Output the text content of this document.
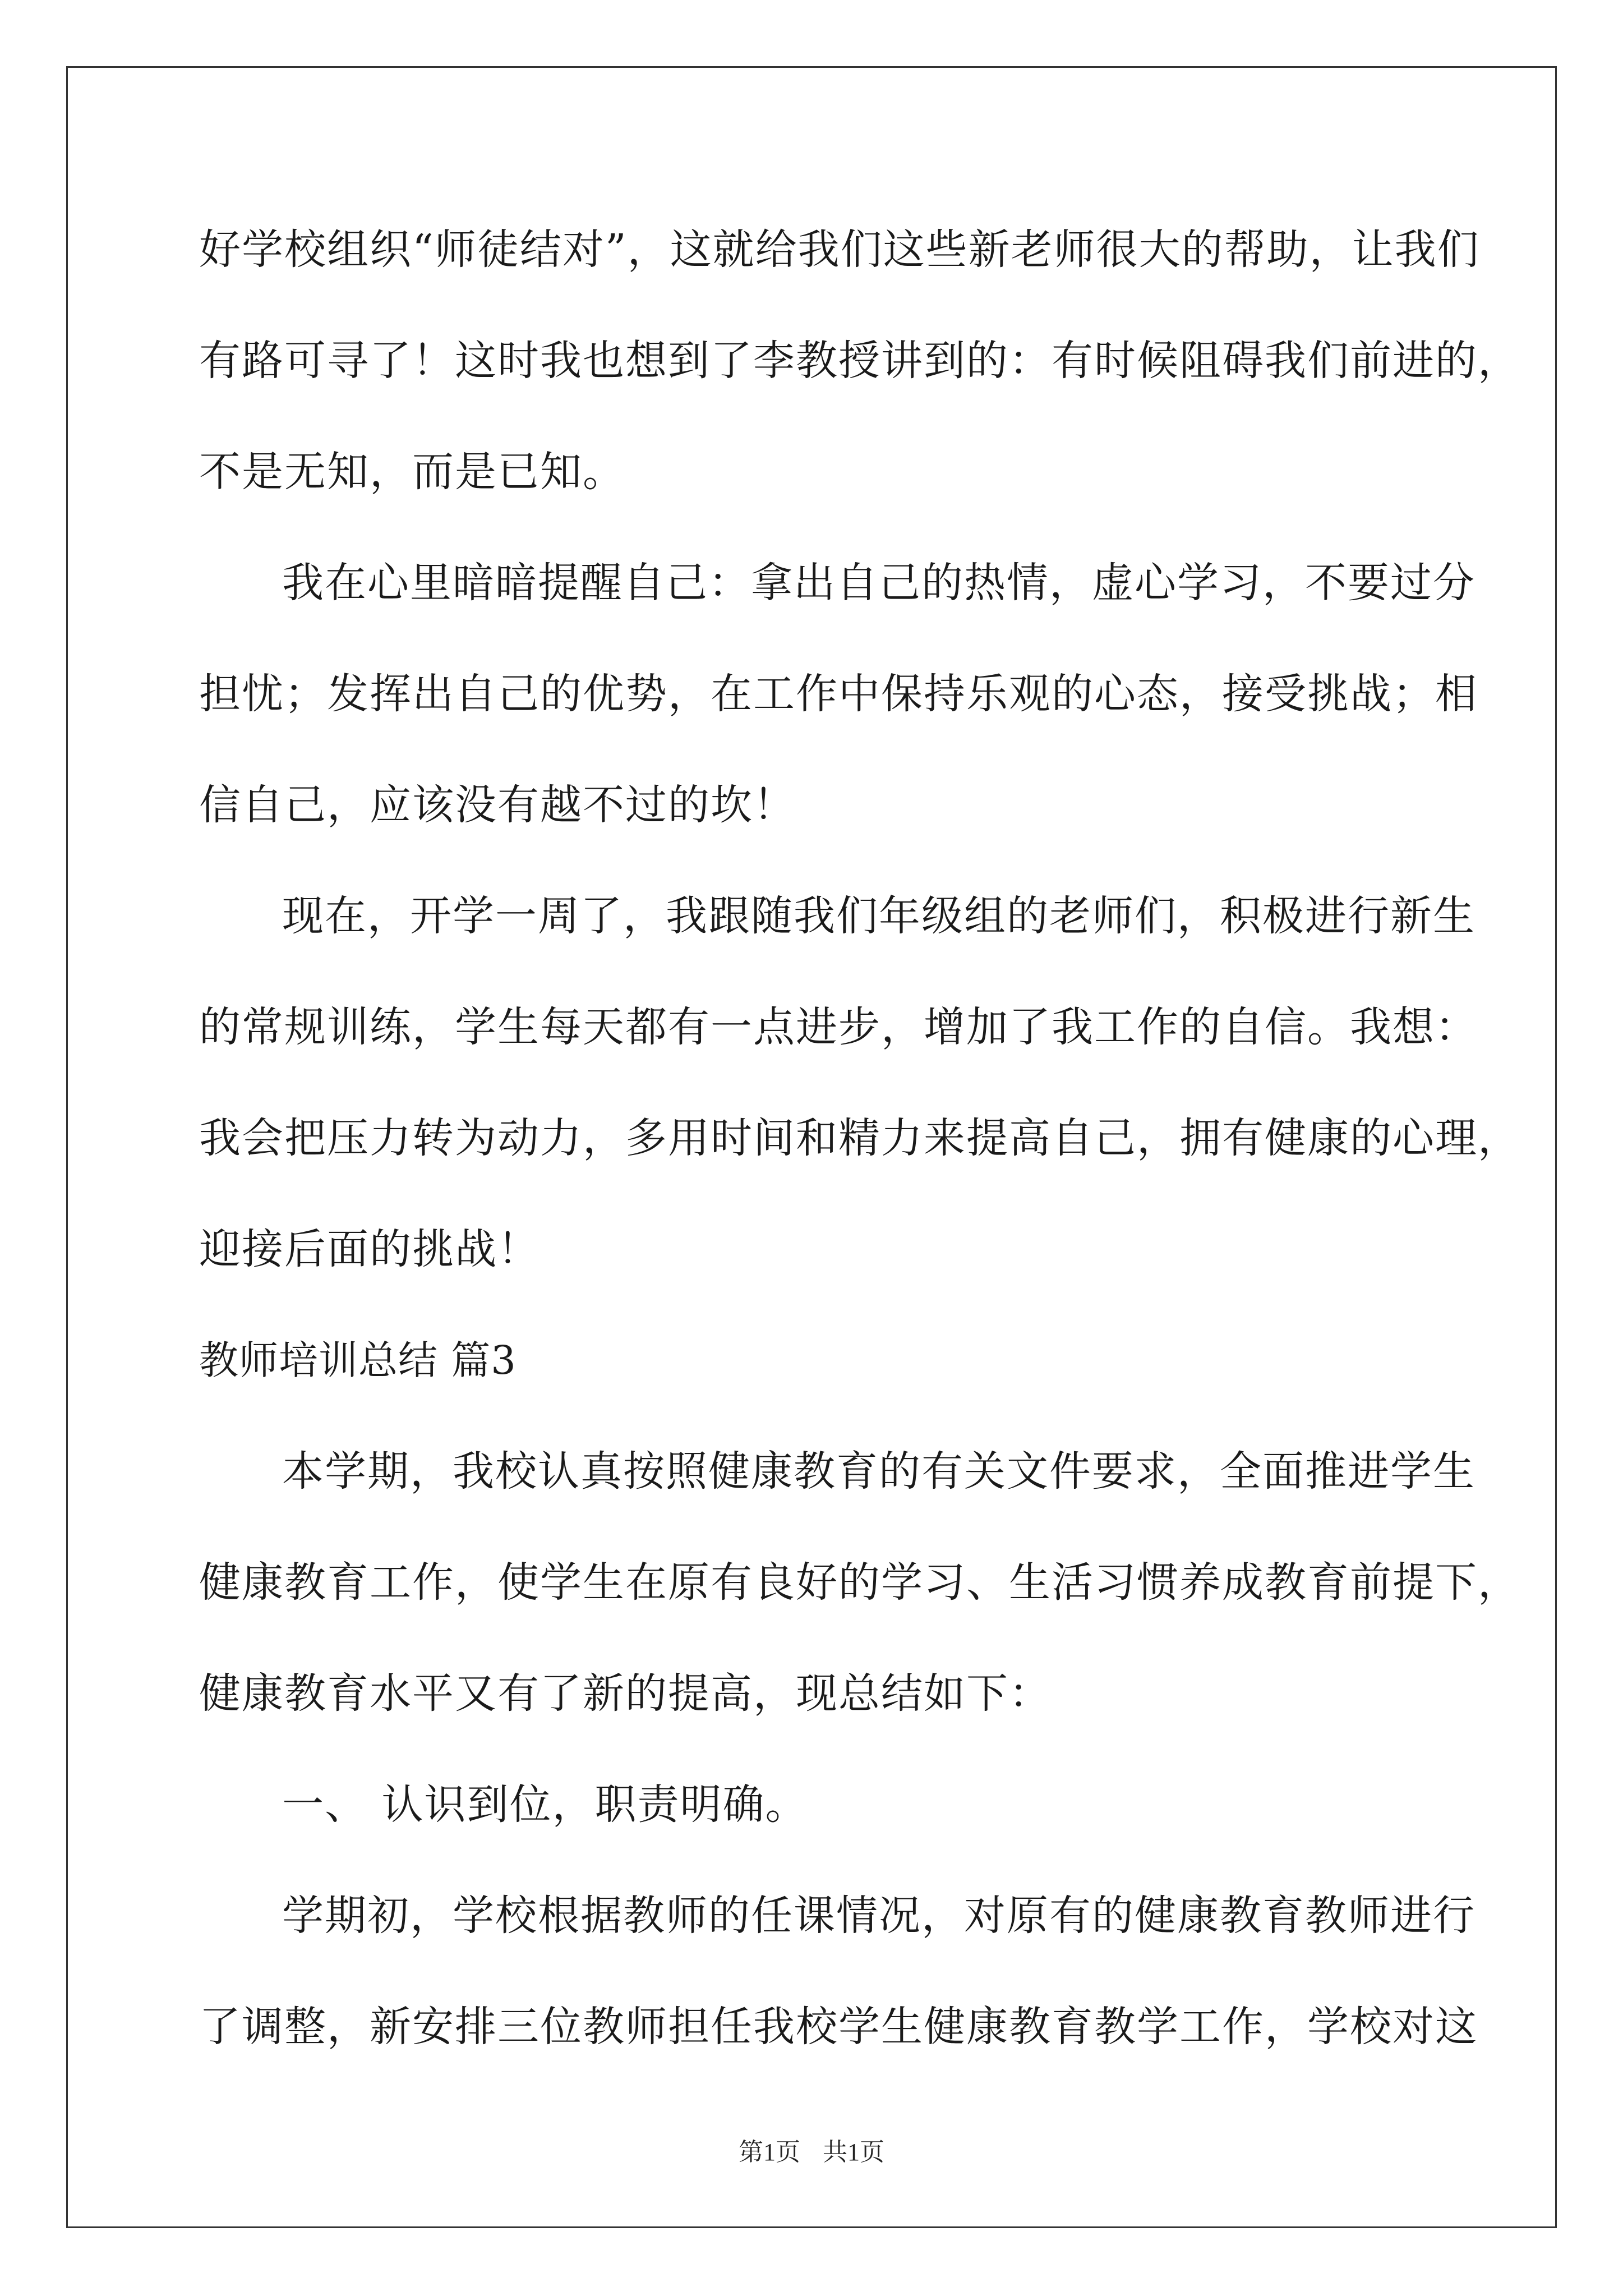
好学校组织“师徒结对”，这就给我们这些新老师很大的帮助，让我们
有路可寻了！这时我也想到了李教授讲到的：有时候阻碍我们前进的，
不是无知，而是已知。
我在心里暗暗提醒自己：拿出自己的热情，虚心学习，不要过分
担忧；发挥出自己的优势，在工作中保持乐观的心态，接受挑战；相
信自己，应该没有越不过的坎！
现在，开学一周了，我跟随我们年级组的老师们，积极进行新生
的常规训练，学生每天都有一点进步，增加了我工作的自信。我想：
我会把压力转为动力，多用时间和精力来提高自己，拥有健康的心理，
迎接后面的挑战！
教师培训总结 篇3
本学期，我校认真按照健康教育的有关文件要求，全面推进学生
健康教育工作，使学生在原有良好的学习、生活习惯养成教育前提下，
健康教育水平又有了新的提高，现总结如下：
一、 认识到位，职责明确。
学期初，学校根据教师的任课情况，对原有的健康教育教师进行
了调整，新安排三位教师担任我校学生健康教育教学工作，学校对这
第1页 共1页
